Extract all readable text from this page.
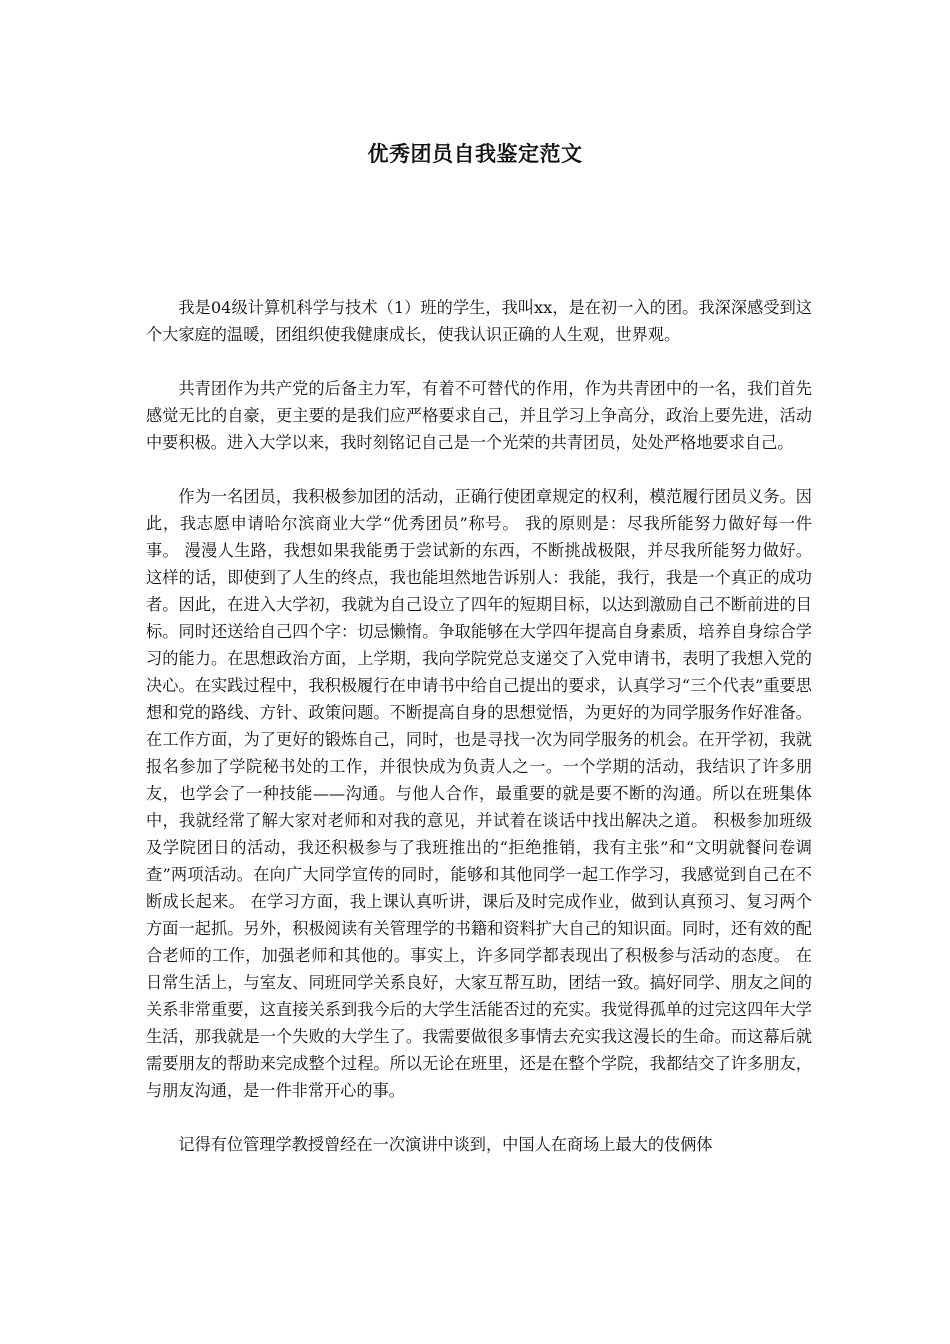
优秀团员自我鉴定范文

我是04级计算机科学与技术（1）班的学生，我叫xx，是在初一入的团。我深深感受到这个大家庭的温暖，团组织使我健康成长，使我认识正确的人生观，世界观。

共青团作为共产党的后备主力军，有着不可替代的作用，作为共青团中的一名，我们首先感觉无比的自豪，更主要的是我们应严格要求自己，并且学习上争高分，政治上要先进，活动中要积极。进入大学以来，我时刻铭记自己是一个光荣的共青团员，处处严格地要求自己。

作为一名团员，我积极参加团的活动，正确行使团章规定的权利，模范履行团员义务。因此，我志愿申请哈尔滨商业大学“优秀团员”称号。 我的原则是：尽我所能努力做好每一件事。 漫漫人生路，我想如果我能勇于尝试新的东西，不断挑战极限，并尽我所能努力做好。这样的话，即使到了人生的终点，我也能坦然地告诉别人：我能，我行，我是一个真正的成功者。因此，在进入大学初，我就为自己设立了四年的短期目标，以达到激励自己不断前进的目标。同时还送给自己四个字：切忌懒惰。争取能够在大学四年提高自身素质，培养自身综合学习的能力。在思想政治方面，上学期，我向学院党总支递交了入党申请书，表明了我想入党的决心。在实践过程中，我积极履行在申请书中给自己提出的要求，认真学习“三个代表”重要思想和党的路线、方针、政策问题。不断提高自身的思想觉悟，为更好的为同学服务作好准备。在工作方面，为了更好的锻炼自己，同时，也是寻找一次为同学服务的机会。在开学初，我就报名参加了学院秘书处的工作，并很快成为负责人之一。一个学期的活动，我结识了许多朋友，也学会了一种技能——沟通。与他人合作，最重要的就是要不断的沟通。所以在班集体中，我就经常了解大家对老师和对我的意见，并试着在谈话中找出解决之道。 积极参加班级及学院团日的活动，我还积极参与了我班推出的“拒绝推销，我有主张”和“文明就餐问卷调查”两项活动。在向广大同学宣传的同时，能够和其他同学一起工作学习，我感觉到自己在不断成长起来。 在学习方面，我上课认真听讲，课后及时完成作业，做到认真预习、复习两个方面一起抓。另外，积极阅读有关管理学的书籍和资料扩大自己的知识面。同时，还有效的配合老师的工作，加强老师和其他的。事实上，许多同学都表现出了积极参与活动的态度。 在日常生活上，与室友、同班同学关系良好，大家互帮互助，团结一致。搞好同学、朋友之间的关系非常重要，这直接关系到我今后的大学生活能否过的充实。我觉得孤单的过完这四年大学生活，那我就是一个失败的大学生了。我需要做很多事情去充实我这漫长的生命。而这幕后就需要朋友的帮助来完成整个过程。所以无论在班里，还是在整个学院，我都结交了许多朋友，与朋友沟通，是一件非常开心的事。

记得有位管理学教授曾经在一次演讲中谈到，中国人在商场上最大的伎俩体
